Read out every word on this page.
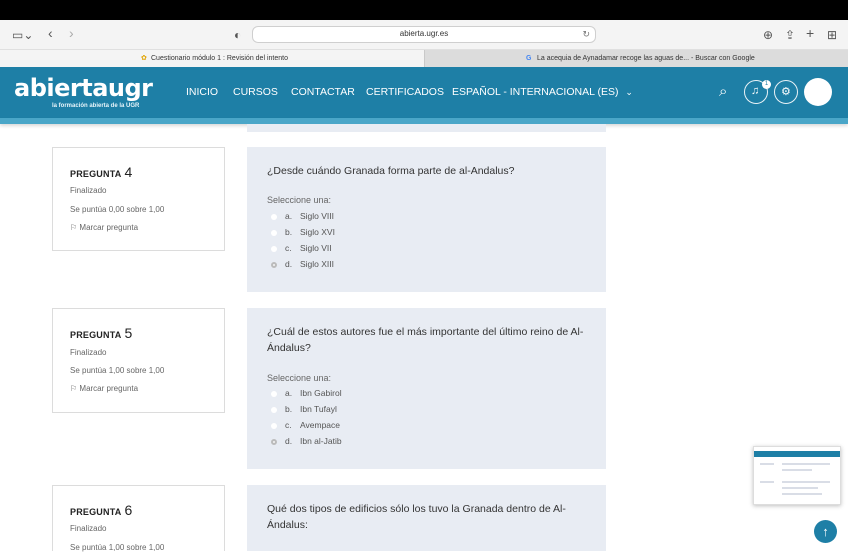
▭⌄ ‹ ›	◐	⊕ ⇪ + ⊞
abierta.ugr.es	↻
✿ Cuestionario módulo 1 : Revisión del intento	G La acequia de Aynadamar recoge las aguas de... - Buscar con Google
abiertaugr
la formación abierta de la UGR
INICIO CURSOS CONTACTAR CERTIFICADOS ESPAÑOL - INTERNACIONAL (ES) ⌄	⌕ ♫
1
⚙
PREGUNTA 4
Finalizado
Se puntúa 0,00 sobre 1,00
⚐ Marcar pregunta
¿Desde cuándo Granada forma parte de al-Andalus?
Seleccione una:
a. Siglo VIII
b. Siglo XVI
c. Siglo VII
d. Siglo XIII
PREGUNTA 5
Finalizado
Se puntúa 1,00 sobre 1,00
⚐ Marcar pregunta
¿Cuál de estos autores fue el más importante del último reino de Al-Ándalus?
Seleccione una:
a. Ibn Gabirol
b. Ibn Tufayl
c. Avempace
d. Ibn al-Jatib
PREGUNTA 6
Finalizado
Se puntúa 1,00 sobre 1,00
Qué dos tipos de edificios sólo los tuvo la Granada dentro de Al-Ándalus:	↑
